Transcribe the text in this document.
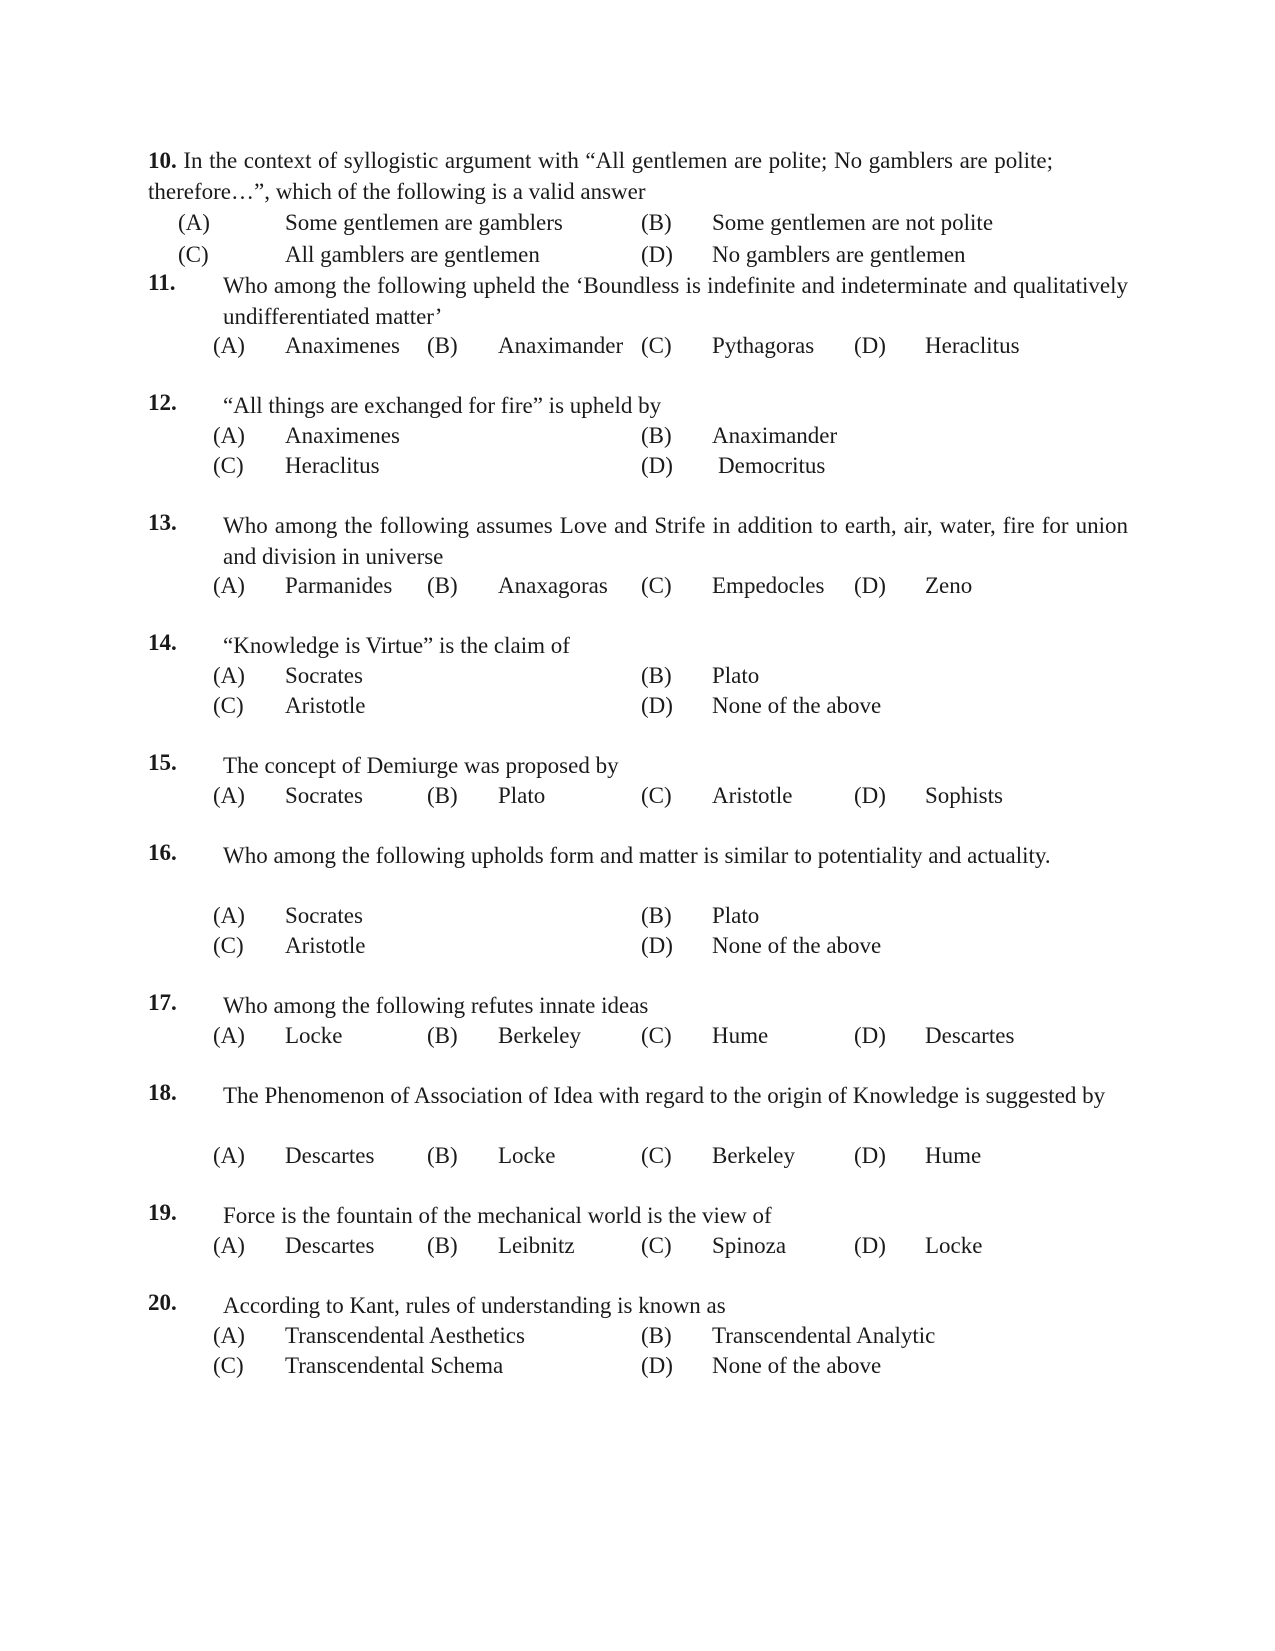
10. In the context of syllogistic argument with “All gentlemen are polite; No gamblers are polite; therefore…”, which of the following is a valid answer
(A)	Some gentlemen are gamblers	(B) Some gentlemen are not polite
(C)	All gamblers are gentlemen	(D) No gamblers are gentlemen
11. Who among the following upheld the ‘Boundless is indefinite and indeterminate and qualitatively undifferentiated matter’
(A) Anaximenes (B) Anaximander (C) Pythagoras (D) Heraclitus
12. “All things are exchanged for fire” is upheld by
(A) Anaximenes	(B) Anaximander
(C) Heraclitus	(D) Democritus
13. Who among the following assumes Love and Strife in addition to earth, air, water, fire for union and division in universe
(A) Parmanides (B) Anaxagoras (C) Empedocles (D) Zeno
14. “Knowledge is Virtue” is the claim of
(A) Socrates	(B) Plato
(C) Aristotle	(D) None of the above
15. The concept of Demiurge was proposed by
(A) Socrates	(B) Plato	(C) Aristotle	(D) Sophists
16. Who among the following upholds form and matter is similar to potentiality and actuality.
(A) Socrates	(B) Plato
(C) Aristotle	(D) None of the above
17. Who among the following refutes innate ideas
(A) Locke	(B) Berkeley	(C) Hume	(D) Descartes
18. The Phenomenon of Association of Idea with regard to the origin of Knowledge is suggested by
(A) Descartes (B) Locke	(C) Berkeley	(D) Hume
19. Force is the fountain of the mechanical world is the view of
(A) Descartes (B) Leibnitz	(C) Spinoza	(D) Locke
20. According to Kant, rules of understanding is known as
(A) Transcendental Aesthetics	(B) Transcendental Analytic
(C) Transcendental Schema	(D) None of the above
